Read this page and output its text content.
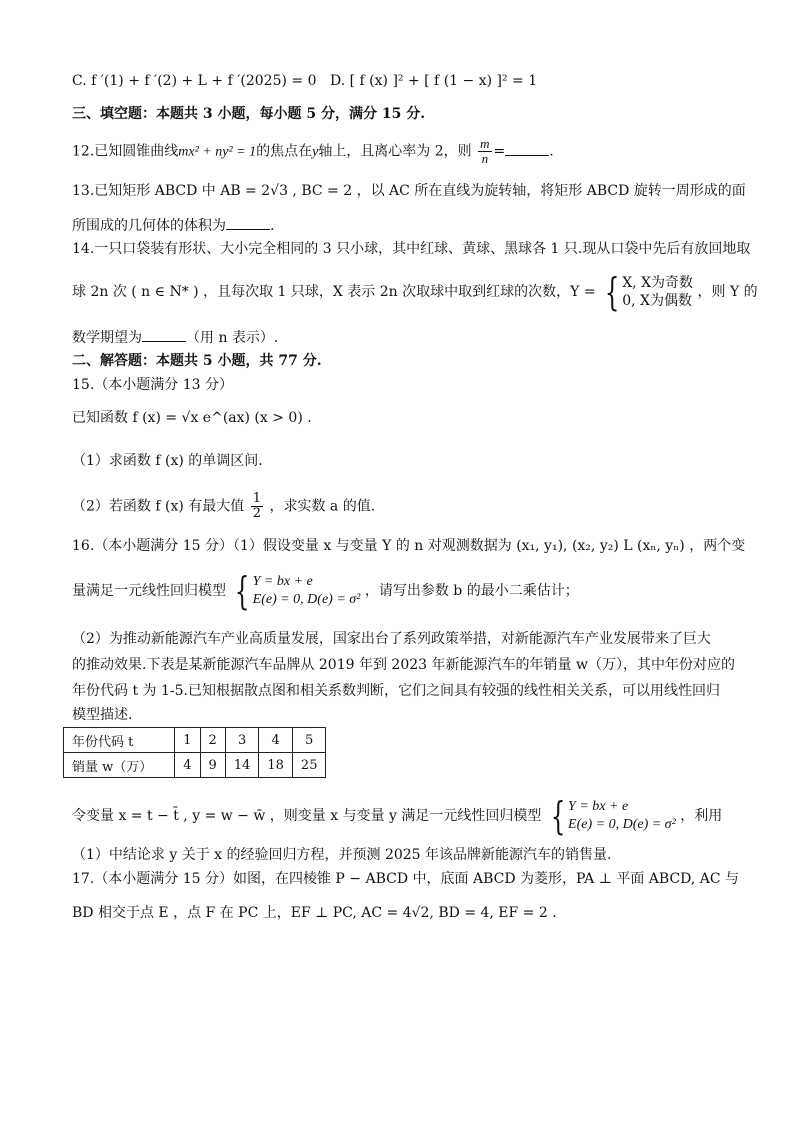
C. f ′(1) + f ′(2) + L + f ′(2025) = 0 D. [ f (x) ]² + [ f (1 − x) ]² = 1
三、填空题：本题共 3 小题，每小题 5 分，满分 15 分.
12.已知圆锥曲线mx² + ny² = 1的焦点在y轴上，且离心率为 2，则 $\frac{m}{n}$ =	.
13.已知矩形 ABCD 中 AB = 2√3 , BC = 2 ，以 AC 所在直线为旋转轴，将矩形 ABCD 旋转一周形成的面
所围成的几何体的体积为	.
14.一只口袋装有形状、大小完全相同的 3 只小球，其中红球、黄球、黑球各 1 只.现从口袋中先后有放回地取
球 2n 次 ( n ∈ N* ) ，且每次取 1 只球，X 表示 2n 次取球中取到红球的次数，Y = { X, X为奇数
0, X为偶数
，则 Y 的
数学期望为	（用 n 表示）.
二、解答题：本题共 5 小题，共 77 分.
15.（本小题满分 13 分）
已知函数 f (x) = √x e^(ax) (x > 0) .
（1）求函数 f (x) 的单调区间.
（2）若函数 f (x) 有最大值 $\frac{1}{2}$ ，求实数 a 的值.
16.（本小题满分 15 分）（1）假设变量 x 与变量 Y 的 n 对观测数据为 (x₁, y₁), (x₂, y₂) L (xₙ, yₙ) ，两个变
量满足一元线性回归模型 { Y = bx + e
E(e) = 0, D(e) = σ²
，请写出参数 b 的最小二乘估计；
（2）为推动新能源汽车产业高质量发展，国家出台了系列政策举措，对新能源汽车产业发展带来了巨大
的推动效果.下表是某新能源汽车品牌从 2019 年到 2023 年新能源汽车的年销量 w（万），其中年份对应的
年份代码 t 为 1-5.已知根据散点图和相关系数判断，它们之间具有较强的线性相关关系，可以用线性回归
模型描述.
年份代码 t	1	2	3	4	5
销量 w（万）	4	9	14	18	25
令变量 x = t − t̄ , y = w − w̄ ，则变量 x 与变量 y 满足一元线性回归模型 { Y = bx + e
E(e) = 0, D(e) = σ²
，利用
（1）中结论求 y 关于 x 的经验回归方程，并预测 2025 年该品牌新能源汽车的销售量.
17.（本小题满分 15 分）如图，在四棱锥 P − ABCD 中，底面 ABCD 为菱形，PA ⊥ 平面 ABCD, AC 与
BD 相交于点 E ，点 F 在 PC 上，EF ⊥ PC, AC = 4√2, BD = 4, EF = 2 .
